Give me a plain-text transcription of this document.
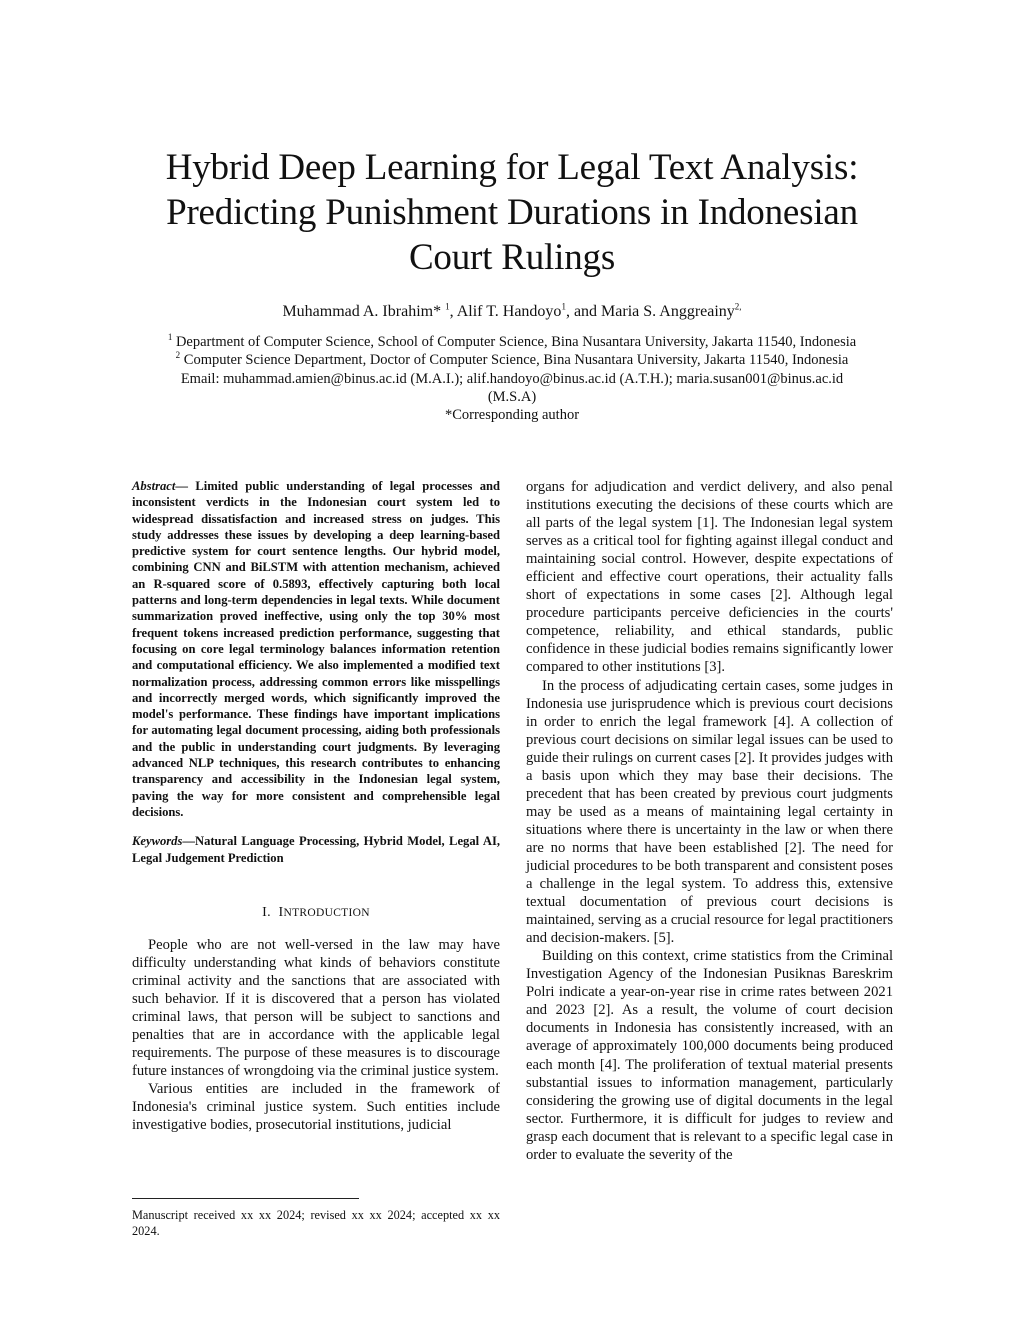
Hybrid Deep Learning for Legal Text Analysis:
Predicting Punishment Durations in Indonesian
Court Rulings
Muhammad A. Ibrahim* $^1$, Alif T. Handoyo$^1$, and Maria S. Anggreainy$^{2,}$
$^1$ Department of Computer Science, School of Computer Science, Bina Nusantara University, Jakarta 11540, Indonesia
$^2$ Computer Science Department, Doctor of Computer Science, Bina Nusantara University, Jakarta 11540, Indonesia
Email: muhammad.amien@binus.ac.id (M.A.I.); alif.handoyo@binus.ac.id (A.T.H.); maria.susan001@binus.ac.id
(M.S.A)
*Corresponding author

Abstract— Limited public understanding of legal processes and inconsistent verdicts in the Indonesian court system led to widespread dissatisfaction and increased stress on judges. This study addresses these issues by developing a deep learning-based predictive system for court sentence lengths. Our hybrid model, combining CNN and BiLSTM with attention mechanism, achieved an R-squared score of 0.5893, effectively capturing both local patterns and long-term dependencies in legal texts. While document summarization proved ineffective, using only the top 30% most frequent tokens increased prediction performance, suggesting that focusing on core legal terminology balances information retention and computational efficiency. We also implemented a modified text normalization process, addressing common errors like misspellings and incorrectly merged words, which significantly improved the model's performance. These findings have important implications for automating legal document processing, aiding both professionals and the public in understanding court judgments. By leveraging advanced NLP techniques, this research contributes to enhancing transparency and accessibility in the Indonesian legal system, paving the way for more consistent and comprehensible legal decisions.

Keywords—Natural Language Processing, Hybrid Model, Legal AI, Legal Judgement Prediction

I. INTRODUCTION

People who are not well-versed in the law may have difficulty understanding what kinds of behaviors constitute criminal activity and the sanctions that are associated with such behavior. If it is discovered that a person has violated criminal laws, that person will be subject to sanctions and penalties that are in accordance with the applicable legal requirements. The purpose of these measures is to discourage future instances of wrongdoing via the criminal justice system.

Various entities are included in the framework of Indonesia's criminal justice system. Such entities include investigative bodies, prosecutorial institutions, judicial

organs for adjudication and verdict delivery, and also penal institutions executing the decisions of these courts which are all parts of the legal system [1]. The Indonesian legal system serves as a critical tool for fighting against illegal conduct and maintaining social control. However, despite expectations of efficient and effective court operations, their actuality falls short of expectations in some cases [2]. Although legal procedure participants perceive deficiencies in the courts' competence, reliability, and ethical standards, public confidence in these judicial bodies remains significantly lower compared to other institutions [3].

In the process of adjudicating certain cases, some judges in Indonesia use jurisprudence which is previous court decisions in order to enrich the legal framework [4]. A collection of previous court decisions on similar legal issues can be used to guide their rulings on current cases [2]. It provides judges with a basis upon which they may base their decisions. The precedent that has been created by previous court judgments may be used as a means of maintaining legal certainty in situations where there is uncertainty in the law or when there are no norms that have been established [2]. The need for judicial procedures to be both transparent and consistent poses a challenge in the legal system. To address this, extensive textual documentation of previous court decisions is maintained, serving as a crucial resource for legal practitioners and decision-makers. [5].

Building on this context, crime statistics from the Criminal Investigation Agency of the Indonesian Pusiknas Bareskrim Polri indicate a year-on-year rise in crime rates between 2021 and 2023 [2]. As a result, the volume of court decision documents in Indonesia has consistently increased, with an average of approximately 100,000 documents being produced each month [4]. The proliferation of textual material presents substantial issues to information management, particularly considering the growing use of digital documents in the legal sector. Furthermore, it is difficult for judges to review and grasp each document that is relevant to a specific legal case in order to evaluate the severity of the

Manuscript received xx xx 2024; revised xx xx 2024; accepted xx xx 2024.
